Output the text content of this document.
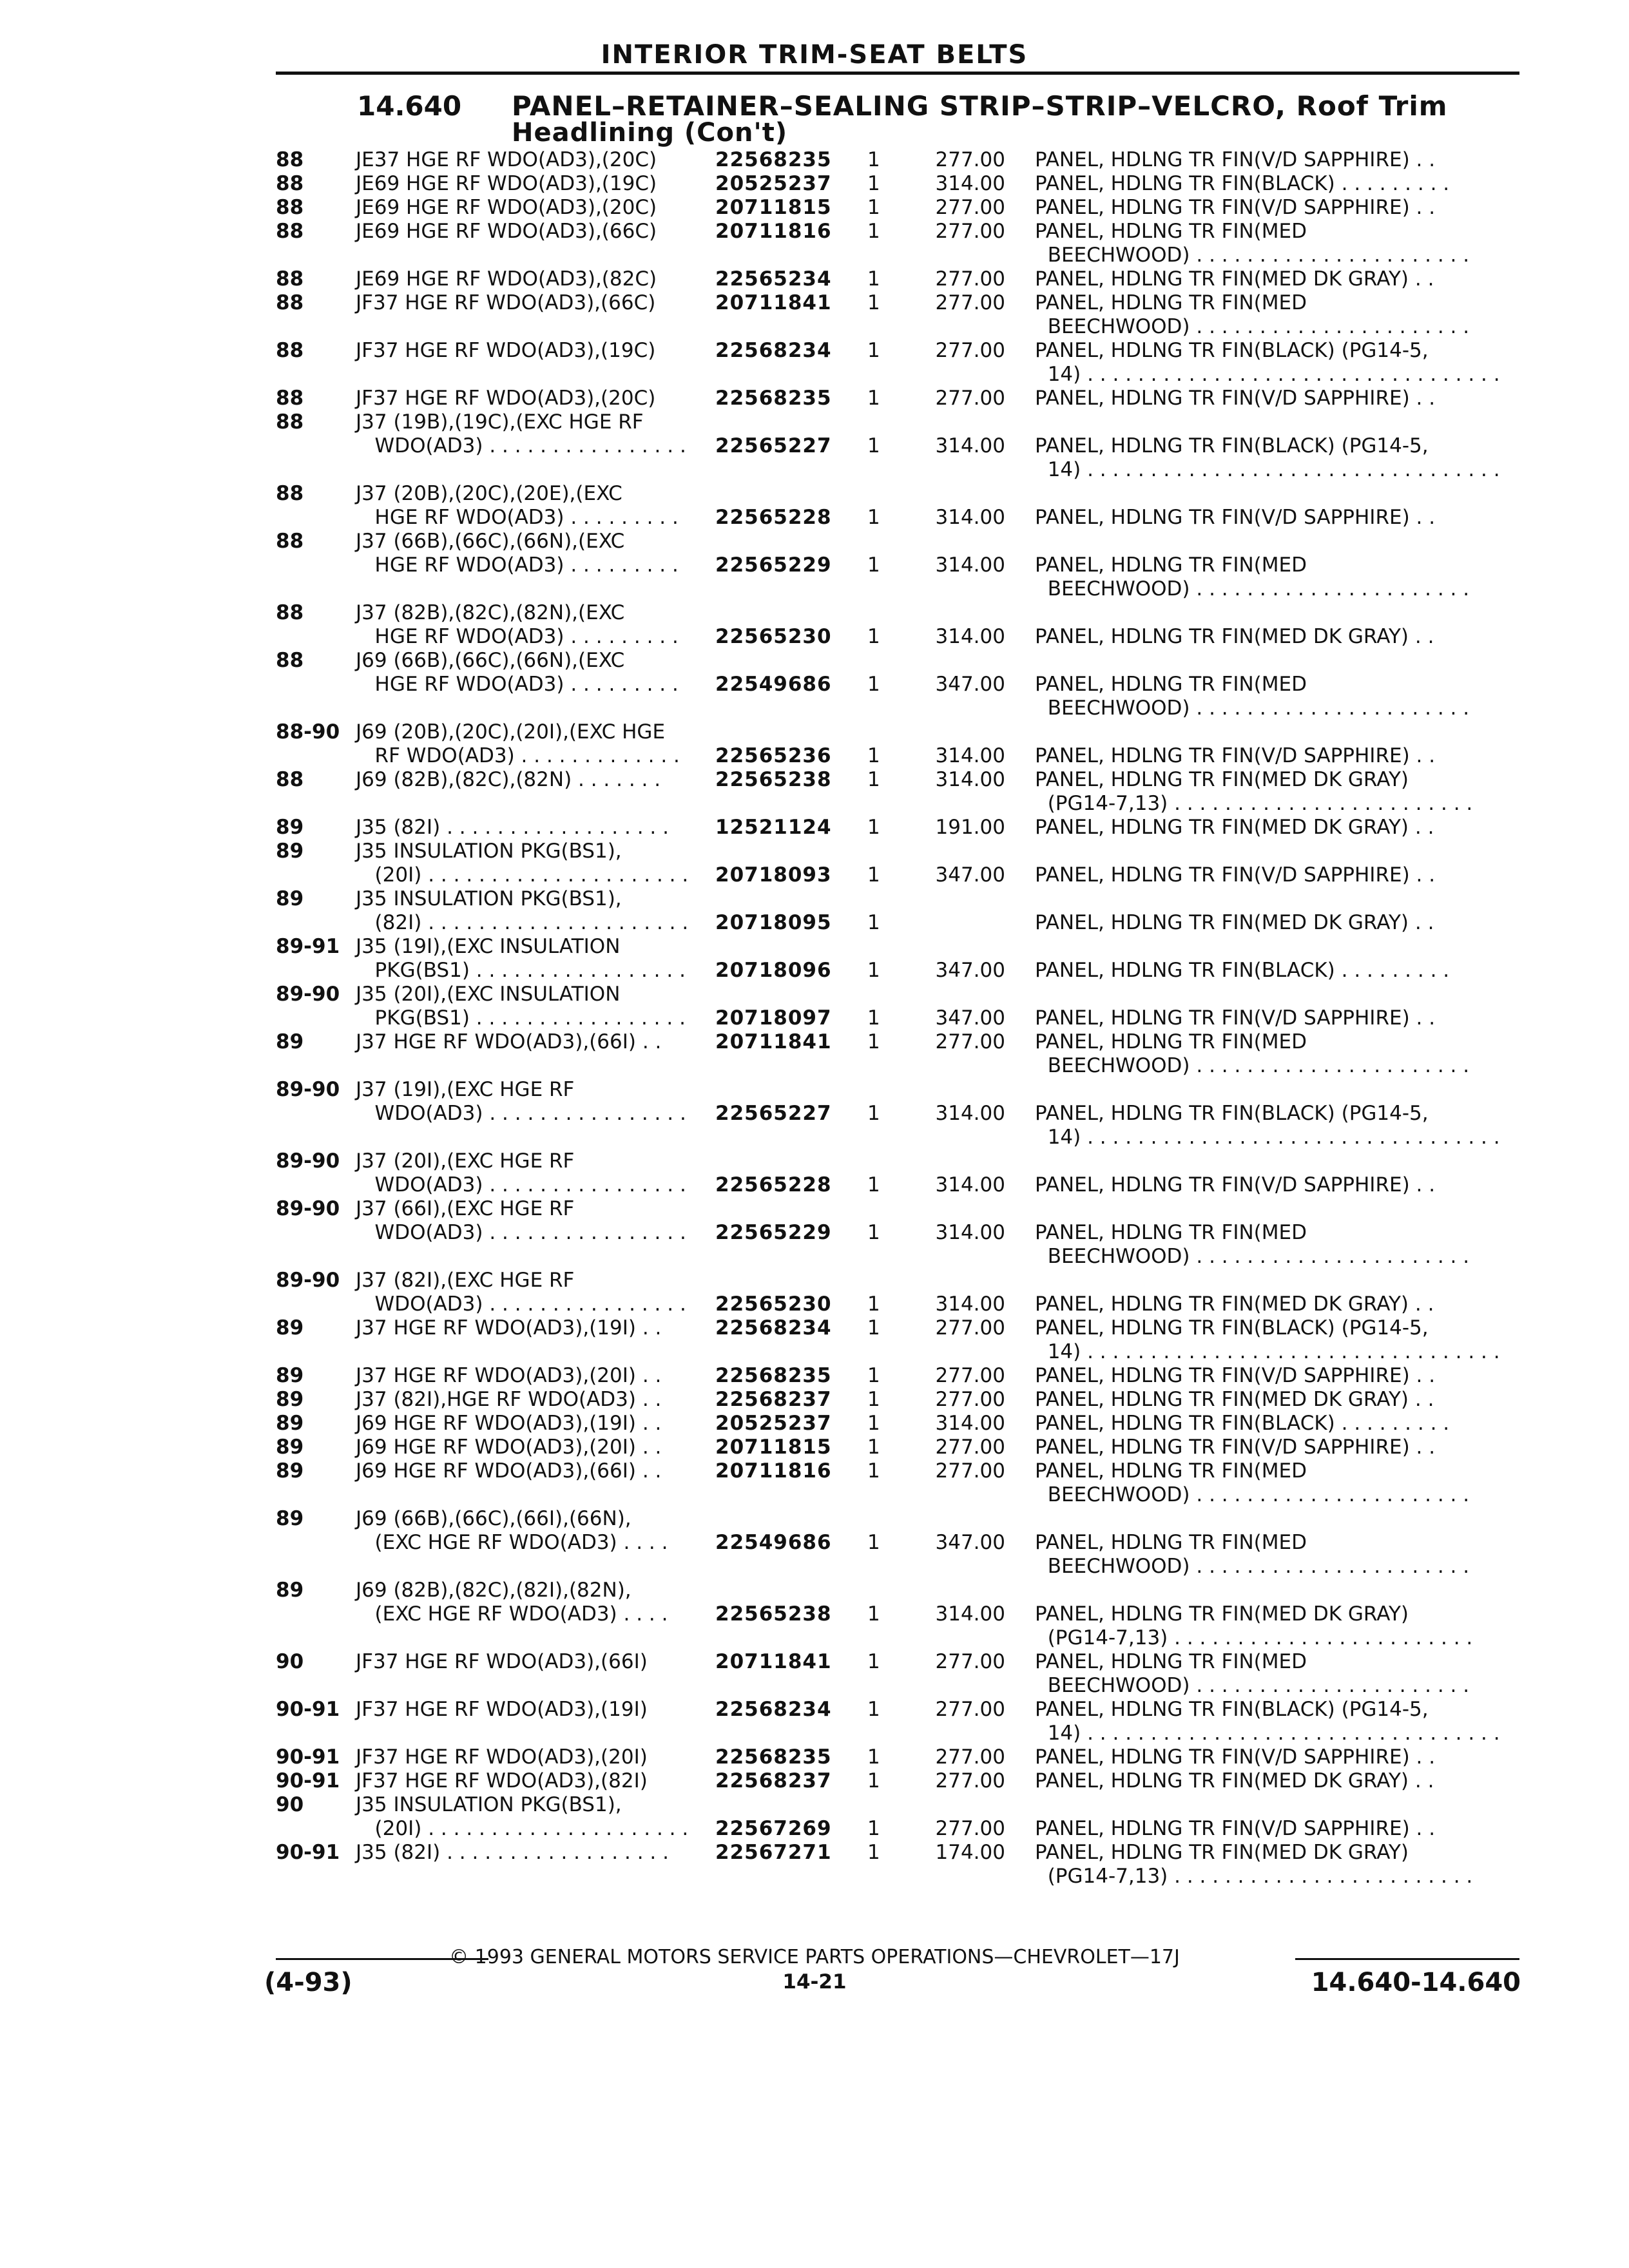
INTERIOR TRIM-SEAT BELTS
14.640 PANEL–RETAINER–SEALING STRIP–STRIP–VELCRO, Roof Trim
Headlining (Con't)
88	JE37 HGE RF WDO(AD3),(20C)	22568235 1	277.00 PANEL, HDLNG TR FIN(V/D SAPPHIRE) . .
88	JE69 HGE RF WDO(AD3),(19C)	20525237 1	314.00 PANEL, HDLNG TR FIN(BLACK) . . . . . . . . .
88	JE69 HGE RF WDO(AD3),(20C)	20711815 1	277.00 PANEL, HDLNG TR FIN(V/D SAPPHIRE) . .
88	JE69 HGE RF WDO(AD3),(66C)	20711816 1	277.00 PANEL, HDLNG TR FIN(MED
BEECHWOOD) . . . . . . . . . . . . . . . . . . . . . .
88	JE69 HGE RF WDO(AD3),(82C)	22565234 1	277.00 PANEL, HDLNG TR FIN(MED DK GRAY) . .
88	JF37 HGE RF WDO(AD3),(66C)	20711841 1	277.00 PANEL, HDLNG TR FIN(MED
BEECHWOOD) . . . . . . . . . . . . . . . . . . . . . .
88	JF37 HGE RF WDO(AD3),(19C)	22568234 1	277.00 PANEL, HDLNG TR FIN(BLACK) (PG14-5,
14) . . . . . . . . . . . . . . . . . . . . . . . . . . . . . . . . .
88	JF37 HGE RF WDO(AD3),(20C)	22568235 1	277.00 PANEL, HDLNG TR FIN(V/D SAPPHIRE) . .
88	J37 (19B),(19C),(EXC HGE RF
WDO(AD3) . . . . . . . . . . . . . . . .	22565227 1	314.00 PANEL, HDLNG TR FIN(BLACK) (PG14-5,
14) . . . . . . . . . . . . . . . . . . . . . . . . . . . . . . . . .
88	J37 (20B),(20C),(20E),(EXC
HGE RF WDO(AD3) . . . . . . . . .	22565228 1	314.00 PANEL, HDLNG TR FIN(V/D SAPPHIRE) . .
88	J37 (66B),(66C),(66N),(EXC
HGE RF WDO(AD3) . . . . . . . . .	22565229 1	314.00 PANEL, HDLNG TR FIN(MED
BEECHWOOD) . . . . . . . . . . . . . . . . . . . . . .
88	J37 (82B),(82C),(82N),(EXC
HGE RF WDO(AD3) . . . . . . . . .	22565230 1	314.00 PANEL, HDLNG TR FIN(MED DK GRAY) . .
88	J69 (66B),(66C),(66N),(EXC
HGE RF WDO(AD3) . . . . . . . . .	22549686 1	347.00 PANEL, HDLNG TR FIN(MED
BEECHWOOD) . . . . . . . . . . . . . . . . . . . . . .
88-90 J69 (20B),(20C),(20I),(EXC HGE
RF WDO(AD3) . . . . . . . . . . . . .	22565236 1	314.00 PANEL, HDLNG TR FIN(V/D SAPPHIRE) . .
88	J69 (82B),(82C),(82N) . . . . . . .	22565238 1	314.00 PANEL, HDLNG TR FIN(MED DK GRAY)
(PG14-7,13) . . . . . . . . . . . . . . . . . . . . . . . .
89	J35 (82I) . . . . . . . . . . . . . . . . . .	12521124 1	191.00 PANEL, HDLNG TR FIN(MED DK GRAY) . .
89	J35 INSULATION PKG(BS1),
(20I) . . . . . . . . . . . . . . . . . . . . .	20718093 1	347.00 PANEL, HDLNG TR FIN(V/D SAPPHIRE) . .
89	J35 INSULATION PKG(BS1),
(82I) . . . . . . . . . . . . . . . . . . . . .	20718095 1	PANEL, HDLNG TR FIN(MED DK GRAY) . .
89-91 J35 (19I),(EXC INSULATION
PKG(BS1) . . . . . . . . . . . . . . . . .	20718096 1	347.00 PANEL, HDLNG TR FIN(BLACK) . . . . . . . . .
89-90 J35 (20I),(EXC INSULATION
PKG(BS1) . . . . . . . . . . . . . . . . .	20718097 1	347.00 PANEL, HDLNG TR FIN(V/D SAPPHIRE) . .
89	J37 HGE RF WDO(AD3),(66I) . .	20711841 1	277.00 PANEL, HDLNG TR FIN(MED
BEECHWOOD) . . . . . . . . . . . . . . . . . . . . . .
89-90 J37 (19I),(EXC HGE RF
WDO(AD3) . . . . . . . . . . . . . . . .	22565227 1	314.00 PANEL, HDLNG TR FIN(BLACK) (PG14-5,
14) . . . . . . . . . . . . . . . . . . . . . . . . . . . . . . . . .
89-90 J37 (20I),(EXC HGE RF
WDO(AD3) . . . . . . . . . . . . . . . .	22565228 1	314.00 PANEL, HDLNG TR FIN(V/D SAPPHIRE) . .
89-90 J37 (66I),(EXC HGE RF
WDO(AD3) . . . . . . . . . . . . . . . .	22565229 1	314.00 PANEL, HDLNG TR FIN(MED
BEECHWOOD) . . . . . . . . . . . . . . . . . . . . . .
89-90 J37 (82I),(EXC HGE RF
WDO(AD3) . . . . . . . . . . . . . . . .	22565230 1	314.00 PANEL, HDLNG TR FIN(MED DK GRAY) . .
89	J37 HGE RF WDO(AD3),(19I) . .	22568234 1	277.00 PANEL, HDLNG TR FIN(BLACK) (PG14-5,
14) . . . . . . . . . . . . . . . . . . . . . . . . . . . . . . . . .
89	J37 HGE RF WDO(AD3),(20I) . .	22568235 1	277.00 PANEL, HDLNG TR FIN(V/D SAPPHIRE) . .
89	J37 (82I),HGE RF WDO(AD3) . .	22568237 1	277.00 PANEL, HDLNG TR FIN(MED DK GRAY) . .
89	J69 HGE RF WDO(AD3),(19I) . .	20525237 1	314.00 PANEL, HDLNG TR FIN(BLACK) . . . . . . . . .
89	J69 HGE RF WDO(AD3),(20I) . .	20711815 1	277.00 PANEL, HDLNG TR FIN(V/D SAPPHIRE) . .
89	J69 HGE RF WDO(AD3),(66I) . .	20711816 1	277.00 PANEL, HDLNG TR FIN(MED
BEECHWOOD) . . . . . . . . . . . . . . . . . . . . . .
89	J69 (66B),(66C),(66I),(66N),
(EXC HGE RF WDO(AD3) . . . .	22549686 1	347.00 PANEL, HDLNG TR FIN(MED
BEECHWOOD) . . . . . . . . . . . . . . . . . . . . . .
89	J69 (82B),(82C),(82I),(82N),
(EXC HGE RF WDO(AD3) . . . .	22565238 1	314.00 PANEL, HDLNG TR FIN(MED DK GRAY)
(PG14-7,13) . . . . . . . . . . . . . . . . . . . . . . . .
90	JF37 HGE RF WDO(AD3),(66I)	20711841 1	277.00 PANEL, HDLNG TR FIN(MED
BEECHWOOD) . . . . . . . . . . . . . . . . . . . . . .
90-91 JF37 HGE RF WDO(AD3),(19I)	22568234 1	277.00 PANEL, HDLNG TR FIN(BLACK) (PG14-5,
14) . . . . . . . . . . . . . . . . . . . . . . . . . . . . . . . . .
90-91 JF37 HGE RF WDO(AD3),(20I)	22568235 1	277.00 PANEL, HDLNG TR FIN(V/D SAPPHIRE) . .
90-91 JF37 HGE RF WDO(AD3),(82I)	22568237 1	277.00 PANEL, HDLNG TR FIN(MED DK GRAY) . .
90	J35 INSULATION PKG(BS1),
(20I) . . . . . . . . . . . . . . . . . . . . .	22567269 1	277.00 PANEL, HDLNG TR FIN(V/D SAPPHIRE) . .
90-91 J35 (82I) . . . . . . . . . . . . . . . . . .	22567271 1	174.00 PANEL, HDLNG TR FIN(MED DK GRAY)
(PG14-7,13) . . . . . . . . . . . . . . . . . . . . . . . .
© 1993 GENERAL MOTORS SERVICE PARTS OPERATIONS—CHEVROLET—17J
(4-93)	14-21	14.640-14.640
